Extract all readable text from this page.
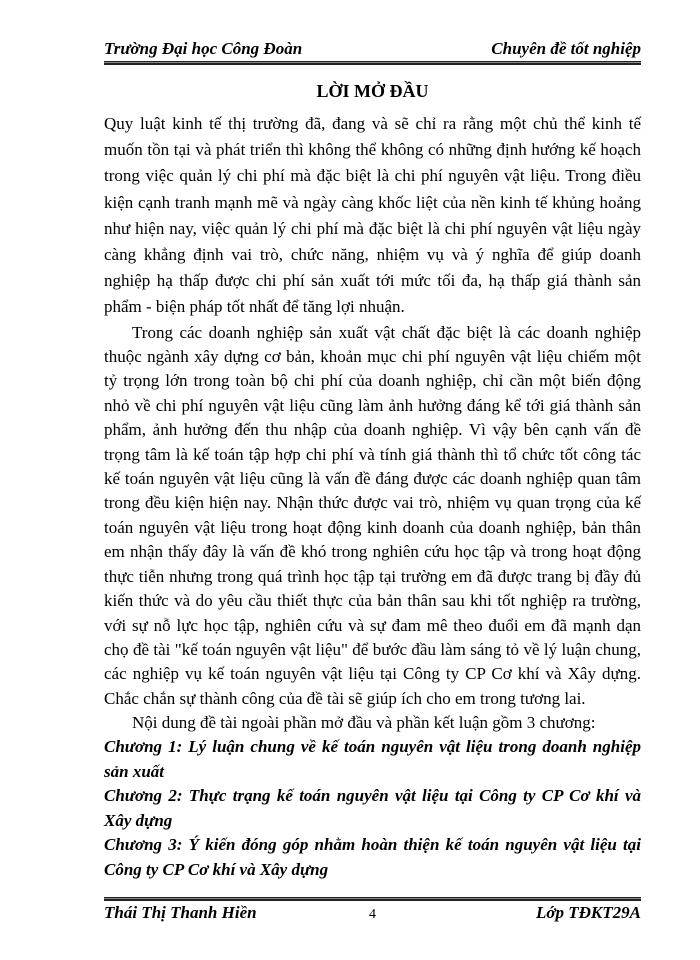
Trường Đại học Công Đoàn	Chuyên đề tốt nghiệp
LỜI MỞ ĐẦU

Quy luật kinh tế thị trường đã, đang và sẽ chỉ ra rằng một chủ thể kinh tế muốn tồn tại và phát triển thì không thể không có những định hướng kế hoạch trong việc quản lý chi phí mà đặc biệt là chi phí nguyên vật liệu. Trong điều kiện cạnh tranh mạnh mẽ và ngày càng khốc liệt của nền kinh tế khủng hoảng như hiện nay, việc quản lý chi phí mà đặc biệt là chi phí nguyên vật liệu ngày càng khẳng định vai trò, chức năng, nhiệm vụ và ý nghĩa để giúp doanh nghiệp hạ thấp được chi phí sản xuất tới mức tối đa, hạ thấp giá thành sản phẩm - biện pháp tốt nhất để tăng lợi nhuận.

Trong các doanh nghiệp sản xuất vật chất đặc biệt là các doanh nghiệp thuộc ngành xây dựng cơ bản, khoản mục chi phí nguyên vật liệu chiếm một tỷ trọng lớn trong toàn bộ chi phí của doanh nghiệp, chỉ cần một biến động nhỏ về chi phí nguyên vật liệu cũng làm ảnh hưởng đáng kể tới giá thành sản phẩm, ảnh hưởng đến thu nhập của doanh nghiệp. Vì vậy bên cạnh vấn đề trọng tâm là kế toán tập hợp chi phí và tính giá thành thì tổ chức tốt công tác kế toán nguyên vật liệu cũng là vấn đề đáng được các doanh nghiệp quan tâm trong đều kiện hiện nay. Nhận thức được vai trò, nhiệm vụ quan trọng của kế toán nguyên vật liệu trong hoạt động kinh doanh của doanh nghiệp, bản thân em nhận thấy đây là vấn đề khó trong nghiên cứu học tập và trong hoạt động thực tiễn nhưng trong quá trình học tập tại trường em đã được trang bị đầy đủ kiến thức và do yêu cầu thiết thực của bản thân sau khi tốt nghiệp ra trường, với sự nỗ lực học tập, nghiên cứu và sự đam mê theo đuổi em đã mạnh dạn chọ đề tài "kế toán nguyên vật liệu" để bước đầu làm sáng tỏ về lý luận chung, các nghiệp vụ kế toán nguyên vật liệu tại Công ty CP Cơ khí và Xây dựng. Chắc chắn sự thành công của đề tài sẽ giúp ích cho em trong tương lai.

Nội dung đề tài ngoài phần mở đầu và phần kết luận gồm 3 chương:

Chương 1: Lý luận chung về kế toán nguyên vật liệu trong doanh nghiệp sản xuất

Chương 2: Thực trạng kế toán nguyên vật liệu tại Công ty CP Cơ khí và Xây dựng

Chương 3: Ý kiến đóng góp nhằm hoàn thiện kế toán nguyên vật liệu tại Công ty CP Cơ khí và Xây dựng

Thái Thị Thanh Hiền	4	Lớp TĐKT29A
